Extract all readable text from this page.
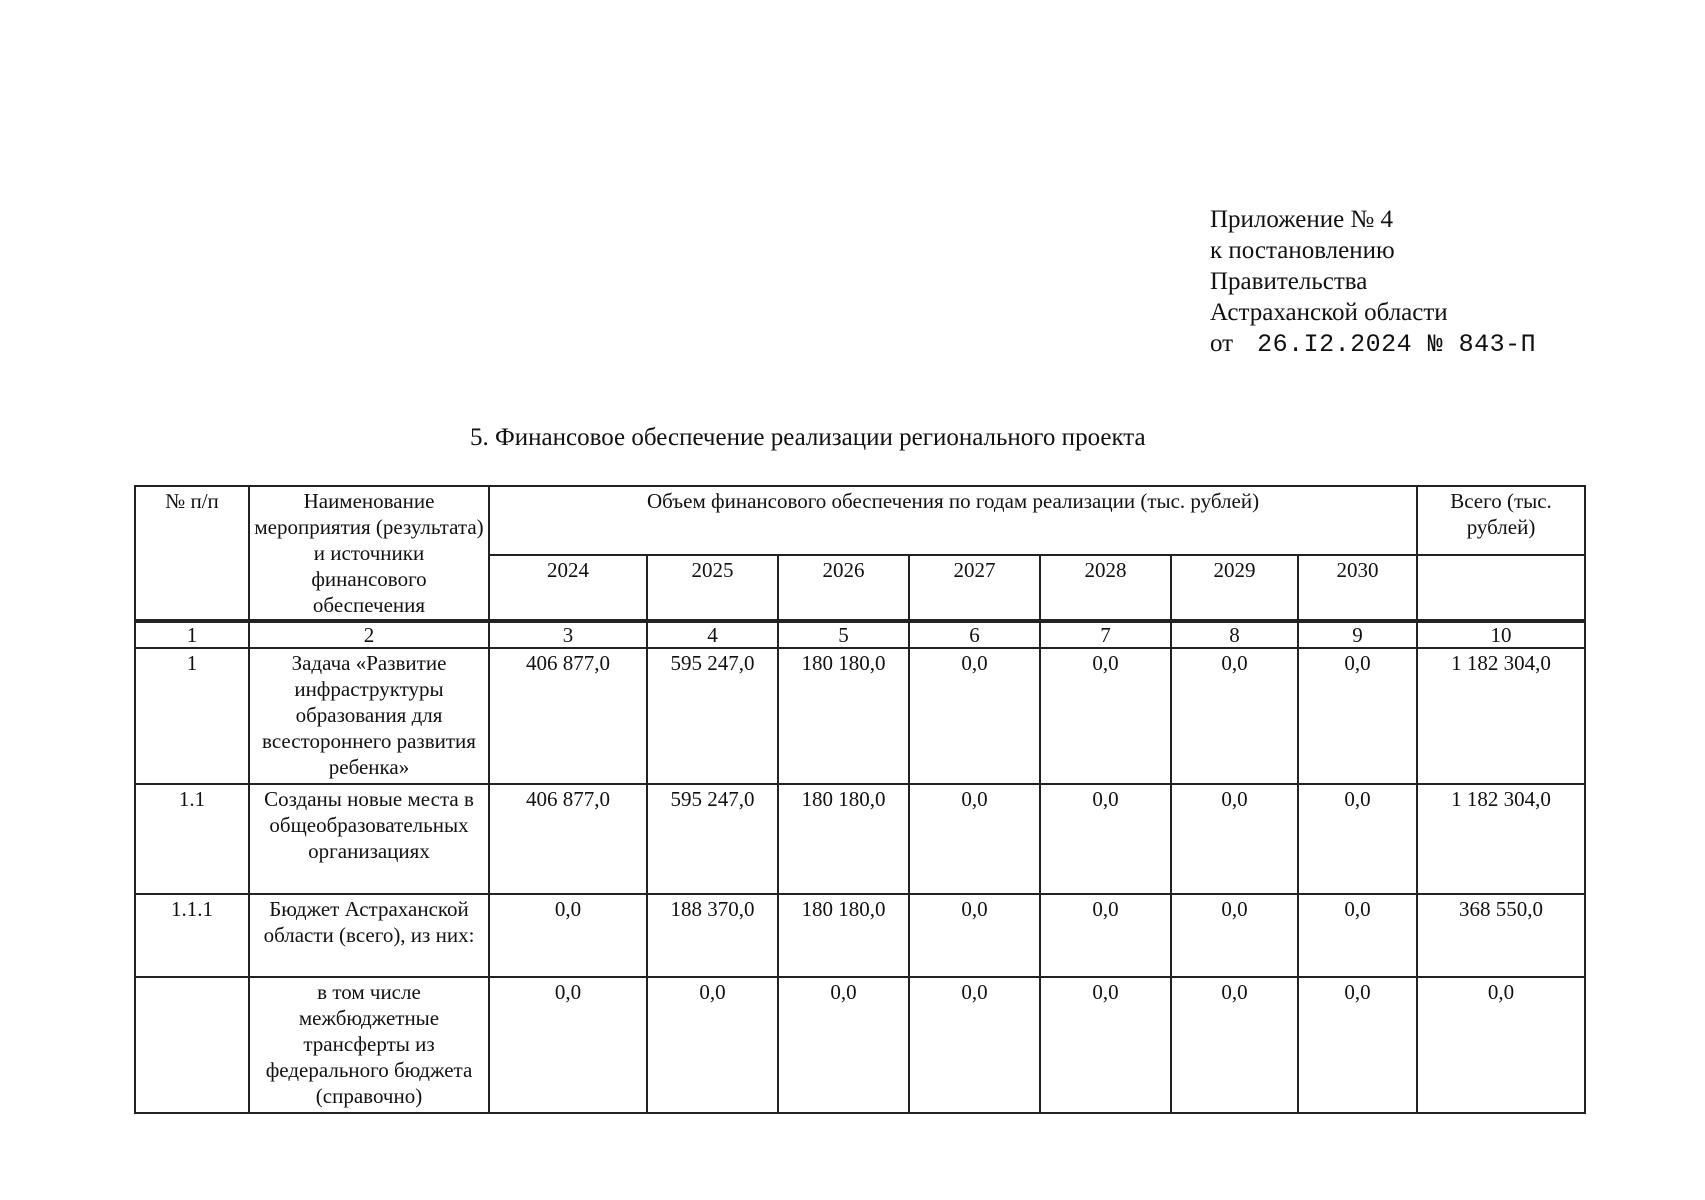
Приложение № 4
к постановлению
Правительства
Астраханской области
от 26.I2.2024 № 843-П
5. Финансовое обеспечение реализации регионального проекта
№ п/п	Наименование мероприятия (результата) и источники финансового обеспечения	Объем финансового обеспечения по годам реализации (тыс. рублей)							Всего (тыс. рублей)
		2024	2025	2026	2027	2028	2029	2030	
1	2	3	4	5	6	7	8	9	10
1	Задача «Развитие инфраструктуры образования для всестороннего развития ребенка»	406 877,0	595 247,0	180 180,0	0,0	0,0	0,0	0,0	1 182 304,0
1.1	Созданы новые места в общеобразовательных организациях	406 877,0	595 247,0	180 180,0	0,0	0,0	0,0	0,0	1 182 304,0
1.1.1	Бюджет Астраханской области (всего), из них:	0,0	188 370,0	180 180,0	0,0	0,0	0,0	0,0	368 550,0
	в том числе межбюджетные трансферты из федерального бюджета (справочно)	0,0	0,0	0,0	0,0	0,0	0,0	0,0	0,0
